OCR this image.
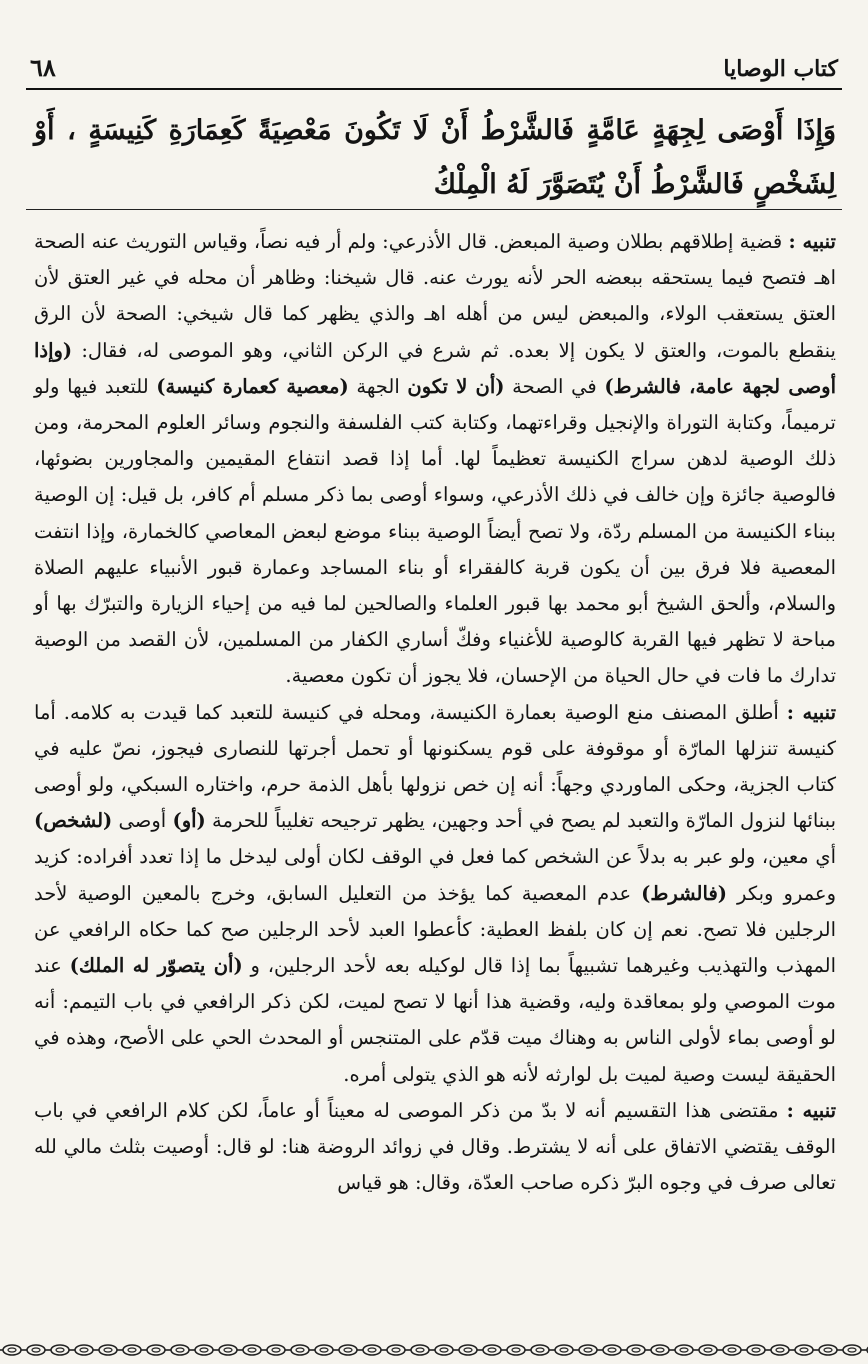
كتاب الوصايا
٦٨

وَإِذَا أَوْصَى لِجِهَةٍ عَامَّةٍ فَالشَّرْطُ أَنْ لَا تَكُونَ مَعْصِيَةً كَعِمَارَةِ كَنِيسَةٍ ، أَوْ لِشَخْصٍ فَالشَّرْطُ أَنْ يُتَصَوَّرَ لَهُ الْمِلْكُ

تنبيه : قضية إطلاقهم بطلان وصية المبعض. قال الأذرعي: ولم أر فيه نصاً، وقياس التوريث عنه الصحة اهـ فتصح فيما يستحقه ببعضه الحر لأنه يورث عنه. قال شيخنا: وظاهر أن محله في غير العتق لأن العتق يستعقب الولاء، والمبعض ليس من أهله اهـ والذي يظهر كما قال شيخي: الصحة لأن الرق ينقطع بالموت، والعتق لا يكون إلا بعده. ثم شرع في الركن الثاني، وهو الموصى له، فقال: (وإذا أوصى لجهة عامة، فالشرط) في الصحة (أن لا تكون الجهة (معصية كعمارة كنيسة) للتعبد فيها ولو ترميماً، وكتابة التوراة والإنجيل وقراءتهما، وكتابة كتب الفلسفة والنجوم وسائر العلوم المحرمة، ومن ذلك الوصية لدهن سراج الكنيسة تعظيماً لها. أما إذا قصد انتفاع المقيمين والمجاورين بضوئها، فالوصية جائزة وإن خالف في ذلك الأذرعي، وسواء أوصى بما ذكر مسلم أم كافر، بل قيل: إن الوصية ببناء الكنيسة من المسلم ردّة، ولا تصح أيضاً الوصية ببناء موضع لبعض المعاصي كالخمارة، وإذا انتفت المعصية فلا فرق بين أن يكون قربة كالفقراء أو بناء المساجد وعمارة قبور الأنبياء عليهم الصلاة والسلام، وألحق الشيخ أبو محمد بها قبور العلماء والصالحين لما فيه من إحياء الزيارة والتبرّك بها أو مباحة لا تظهر فيها القربة كالوصية للأغنياء وفكّ أساري الكفار من المسلمين، لأن القصد من الوصية تدارك ما فات في حال الحياة من الإحسان، فلا يجوز أن تكون معصية.

تنبيه : أطلق المصنف منع الوصية بعمارة الكنيسة، ومحله في كنيسة للتعبد كما قيدت به كلامه. أما كنيسة تنزلها المارّة أو موقوفة على قوم يسكنونها أو تحمل أجرتها للنصارى فيجوز، نصّ عليه في كتاب الجزية، وحكى الماوردي وجهاً: أنه إن خص نزولها بأهل الذمة حرم، واختاره السبكي، ولو أوصى ببنائها لنزول المارّة والتعبد لم يصح في أحد وجهين، يظهر ترجيحه تغليباً للحرمة (أو) أوصى (لشخص) أي معين، ولو عبر به بدلاً عن الشخص كما فعل في الوقف لكان أولى ليدخل ما إذا تعدد أفراده: كزيد وعمرو وبكر (فالشرط) عدم المعصية كما يؤخذ من التعليل السابق، وخرج بالمعين الوصية لأحد الرجلين فلا تصح. نعم إن كان بلفظ العطية: كأعطوا العبد لأحد الرجلين صح كما حكاه الرافعي عن المهذب والتهذيب وغيرهما تشبيهاً بما إذا قال لوكيله بعه لأحد الرجلين، و (أن يتصوّر له الملك) عند موت الموصي ولو بمعاقدة وليه، وقضية هذا أنها لا تصح لميت، لكن ذكر الرافعي في باب التيمم: أنه لو أوصى بماء لأولى الناس به وهناك ميت قدّم على المتنجس أو المحدث الحي على الأصح، وهذه في الحقيقة ليست وصية لميت بل لوارثه لأنه هو الذي يتولى أمره.

تنبيه : مقتضى هذا التقسيم أنه لا بدّ من ذكر الموصى له معيناً أو عاماً، لكن كلام الرافعي في باب الوقف يقتضي الاتفاق على أنه لا يشترط. وقال في زوائد الروضة هنا: لو قال: أوصيت بثلث مالي لله تعالى صرف في وجوه البرّ ذكره صاحب العدّة، وقال: هو قياس
